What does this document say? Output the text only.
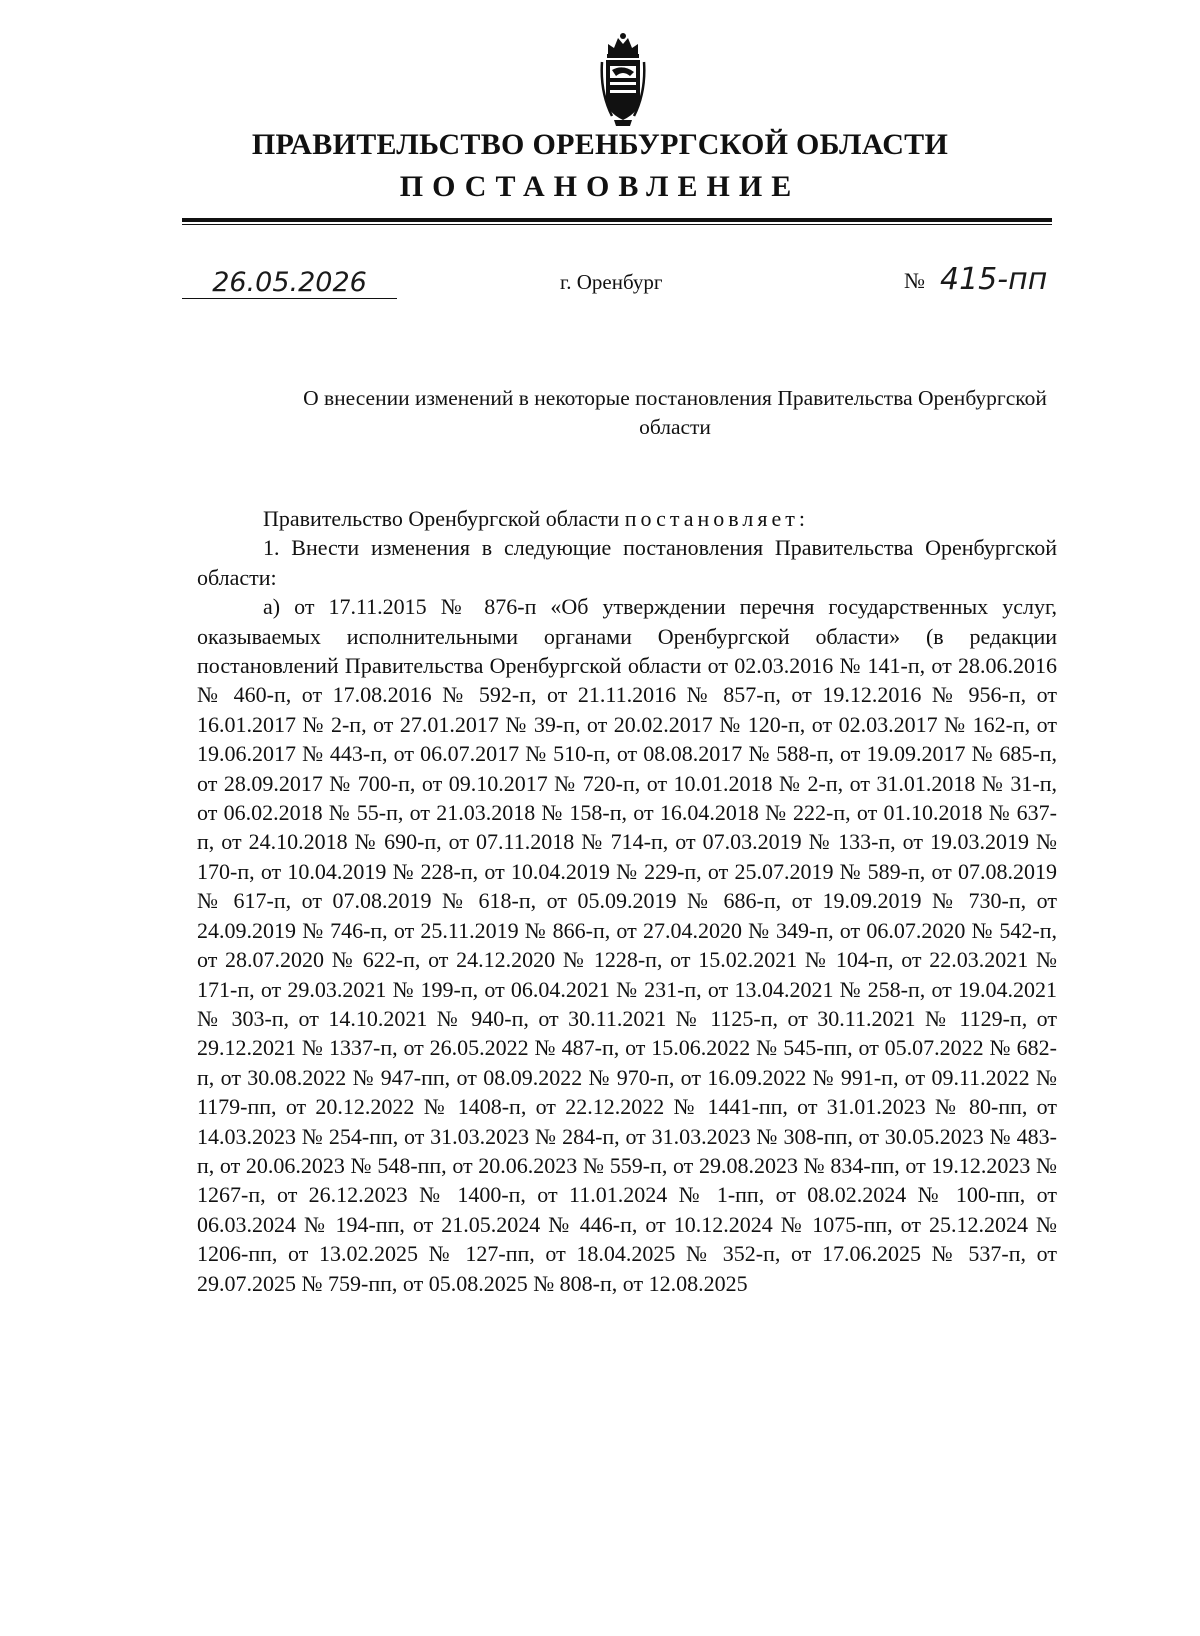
ПРАВИТЕЛЬСТВО ОРЕНБУРГСКОЙ ОБЛАСТИ
ПОСТАНОВЛЕНИЕ
26.05.2026	г. Оренбург	№ 415-пп
О внесении изменений в некоторые постановления Правительства Оренбургской области

Правительство Оренбургской области постановляет:

1. Внести изменения в следующие постановления Правительства Оренбургской области:

а) от 17.11.2015 № 876-п «Об утверждении перечня государственных услуг, оказываемых исполнительными органами Оренбургской области» (в редакции постановлений Правительства Оренбургской области от 02.03.2016 № 141-п, от 28.06.2016 № 460-п, от 17.08.2016 № 592-п, от 21.11.2016 № 857-п, от 19.12.2016 № 956-п, от 16.01.2017 № 2-п, от 27.01.2017 № 39-п, от 20.02.2017 № 120-п, от 02.03.2017 № 162-п, от 19.06.2017 № 443-п, от 06.07.2017 № 510-п, от 08.08.2017 № 588-п, от 19.09.2017 № 685-п, от 28.09.2017 № 700-п, от 09.10.2017 № 720-п, от 10.01.2018 № 2-п, от 31.01.2018 № 31-п, от 06.02.2018 № 55-п, от 21.03.2018 № 158-п, от 16.04.2018 № 222-п, от 01.10.2018 № 637-п, от 24.10.2018 № 690-п, от 07.11.2018 № 714-п, от 07.03.2019 № 133-п, от 19.03.2019 № 170-п, от 10.04.2019 № 228-п, от 10.04.2019 № 229-п, от 25.07.2019 № 589-п, от 07.08.2019 № 617-п, от 07.08.2019 № 618-п, от 05.09.2019 № 686-п, от 19.09.2019 № 730-п, от 24.09.2019 № 746-п, от 25.11.2019 № 866-п, от 27.04.2020 № 349-п, от 06.07.2020 № 542-п, от 28.07.2020 № 622-п, от 24.12.2020 № 1228-п, от 15.02.2021 № 104-п, от 22.03.2021 № 171-п, от 29.03.2021 № 199-п, от 06.04.2021 № 231-п, от 13.04.2021 № 258-п, от 19.04.2021 № 303-п, от 14.10.2021 № 940-п, от 30.11.2021 № 1125-п, от 30.11.2021 № 1129-п, от 29.12.2021 № 1337-п, от 26.05.2022 № 487-п, от 15.06.2022 № 545-пп, от 05.07.2022 № 682-п, от 30.08.2022 № 947-пп, от 08.09.2022 № 970-п, от 16.09.2022 № 991-п, от 09.11.2022 № 1179-пп, от 20.12.2022 № 1408-п, от 22.12.2022 № 1441-пп, от 31.01.2023 № 80-пп, от 14.03.2023 № 254-пп, от 31.03.2023 № 284-п, от 31.03.2023 № 308-пп, от 30.05.2023 № 483-п, от 20.06.2023 № 548-пп, от 20.06.2023 № 559-п, от 29.08.2023 № 834-пп, от 19.12.2023 № 1267-п, от 26.12.2023 № 1400-п, от 11.01.2024 № 1-пп, от 08.02.2024 № 100-пп, от 06.03.2024 № 194-пп, от 21.05.2024 № 446-п, от 10.12.2024 № 1075-пп, от 25.12.2024 № 1206-пп, от 13.02.2025 № 127-пп, от 18.04.2025 № 352-п, от 17.06.2025 № 537-п, от 29.07.2025 № 759-пп, от 05.08.2025 № 808-п, от 12.08.2025
